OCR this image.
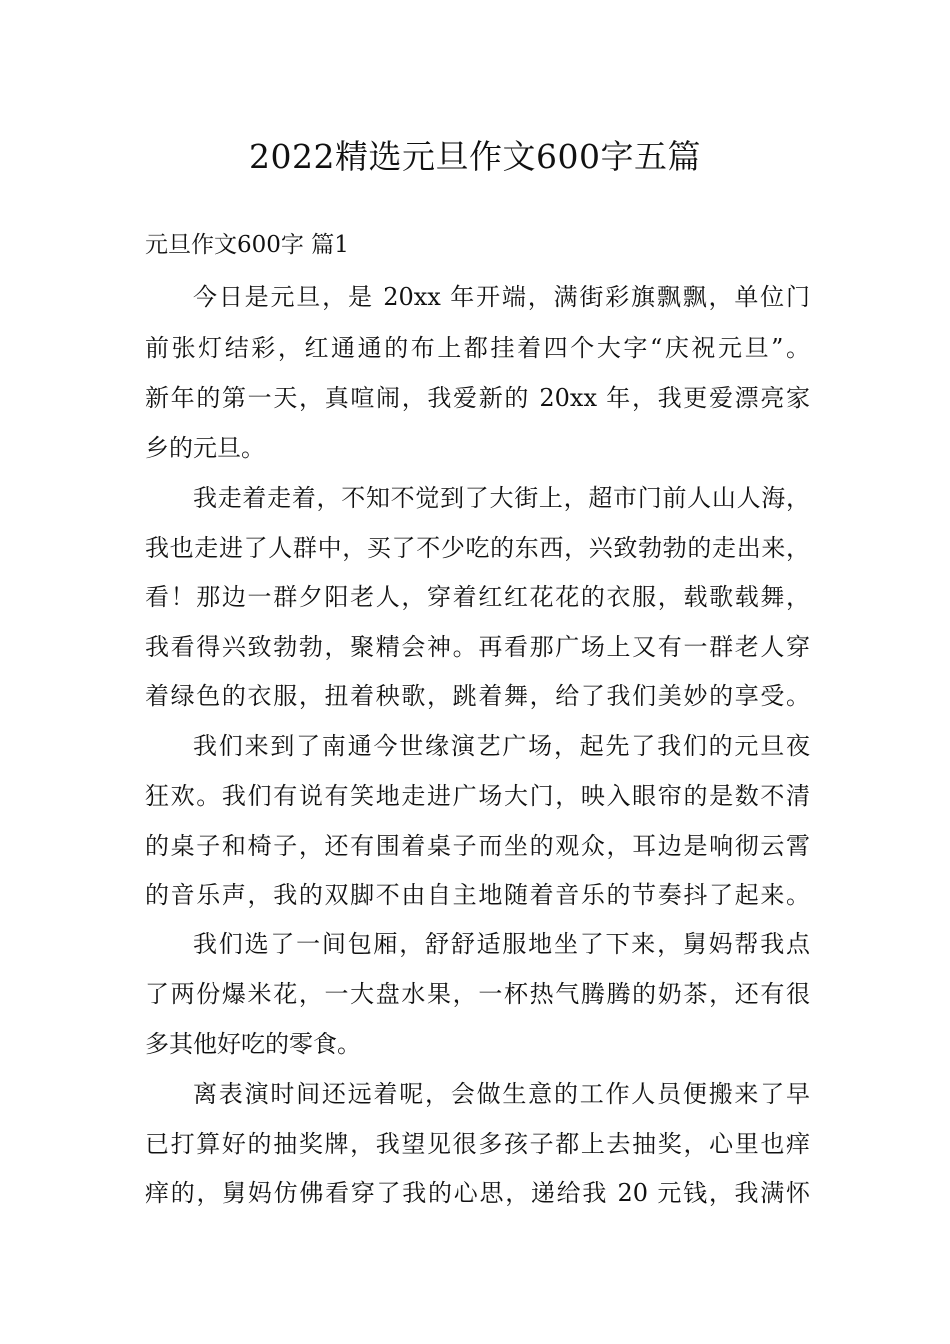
2022精选元旦作文600字五篇
元旦作文600字 篇1
今日是元旦，是 20xx 年开端，满街彩旗飘飘，单位门
前张灯结彩，红通通的布上都挂着四个大字“庆祝元旦”。
新年的第一天，真喧闹，我爱新的 20xx 年，我更爱漂亮家
乡的元旦。
我走着走着，不知不觉到了大街上，超市门前人山人海，
我也走进了人群中，买了不少吃的东西，兴致勃勃的走出来，
看！那边一群夕阳老人，穿着红红花花的衣服，载歌载舞，
我看得兴致勃勃，聚精会神。再看那广场上又有一群老人穿
着绿色的衣服，扭着秧歌，跳着舞，给了我们美妙的享受。
我们来到了南通今世缘演艺广场，起先了我们的元旦夜
狂欢。我们有说有笑地走进广场大门，映入眼帘的是数不清
的桌子和椅子，还有围着桌子而坐的观众，耳边是响彻云霄
的音乐声，我的双脚不由自主地随着音乐的节奏抖了起来。
我们选了一间包厢，舒舒适服地坐了下来，舅妈帮我点
了两份爆米花，一大盘水果，一杯热气腾腾的奶茶，还有很
多其他好吃的零食。
离表演时间还远着呢，会做生意的工作人员便搬来了早
已打算好的抽奖牌，我望见很多孩子都上去抽奖，心里也痒
痒的，舅妈仿佛看穿了我的心思，递给我 20 元钱，我满怀
